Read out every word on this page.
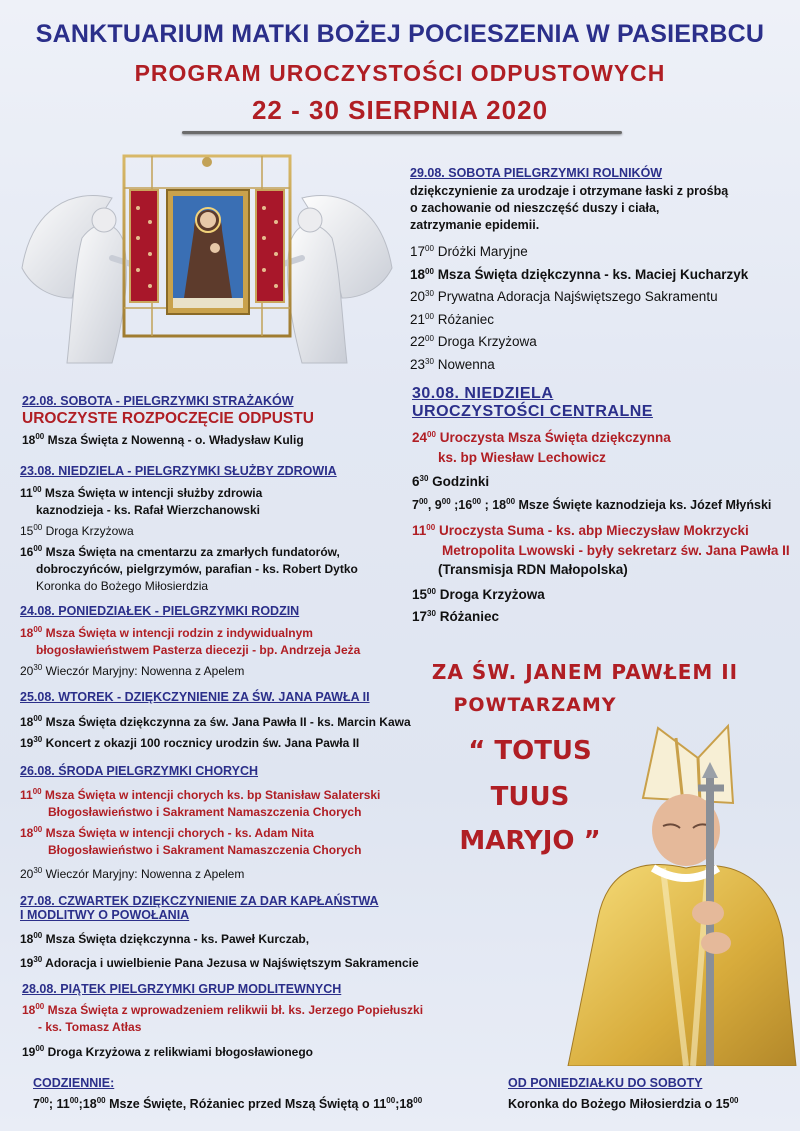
SANKTUARIUM MATKI BOŻEJ POCIESZENIA W PASIERBCU
PROGRAM UROCZYSTOŚCI ODPUSTOWYCH
22 - 30 SIERPNIA 2020
29.08. SOBOTA PIELGRZYMKI ROLNIKÓW
dziękczynienie za urodzaje i otrzymane łaski z prośbą
o zachowanie od nieszczęść duszy i ciała,
zatrzymanie epidemii.
$17^{00}$ Dróżki Maryjne
$18^{00}$ Msza Święta dziękczynna - ks. Maciej Kucharzyk
$20^{30}$ Prywatna Adoracja Najświętszego Sakramentu
$21^{00}$ Różaniec
$22^{00}$ Droga Krzyżowa
$23^{30}$ Nowenna
22.08. SOBOTA - PIELGRZYMKI STRAŻAKÓW
UROCZYSTE ROZPOCZĘCIE ODPUSTU
$18^{00}$ Msza Święta z Nowenną - o. Władysław Kulig
23.08. NIEDZIELA - PIELGRZYMKI SŁUŻBY ZDROWIA
$11^{00}$ Msza Święta w intencji służby zdrowia
kaznodzieja - ks. Rafał Wierzchanowski
$15^{00}$ Droga Krzyżowa
$16^{00}$ Msza Święta na cmentarzu za zmarłych fundatorów,
dobroczyńców, pielgrzymów, parafian - ks. Robert Dytko
Koronka do Bożego Miłosierdzia
24.08. PONIEDZIAŁEK - PIELGRZYMKI RODZIN
$18^{00}$ Msza Święta w intencji rodzin z indywidualnym
błogosławieństwem Pasterza diecezji - bp. Andrzeja Jeża
$20^{30}$ Wieczór Maryjny: Nowenna z Apelem
25.08. WTOREK - DZIĘKCZYNIENIE ZA ŚW. JANA PAWŁA II
$18^{00}$ Msza Święta dziękczynna za św. Jana Pawła II - ks. Marcin Kawa
$19^{30}$ Koncert z okazji 100 rocznicy urodzin św. Jana Pawła II
26.08. ŚRODA PIELGRZYMKI CHORYCH
$11^{00}$ Msza Święta w intencji chorych ks. bp Stanisław Salaterski
Błogosławieństwo i Sakrament Namaszczenia Chorych
$18^{00}$ Msza Święta w intencji chorych - ks. Adam Nita
Błogosławieństwo i Sakrament Namaszczenia Chorych
$20^{30}$ Wieczór Maryjny: Nowenna z Apelem
27.08. CZWARTEK DZIĘKCZYNIENIE ZA DAR KAPŁAŃSTWA
I MODLITWY O POWOŁANIA
$18^{00}$ Msza Święta dziękczynna - ks. Paweł Kurczab,
$19^{30}$ Adoracja i uwielbienie Pana Jezusa w Najświętszym Sakramencie
28.08. PIĄTEK PIELGRZYMKI GRUP MODLITEWNYCH
$18^{00}$ Msza Święta z wprowadzeniem relikwii bł. ks. Jerzego Popiełuszki
- ks. Tomasz Atłas
$19^{00}$ Droga Krzyżowa z relikwiami błogosławionego
30.08. NIEDZIELA
UROCZYSTOŚCI CENTRALNE
$24^{00}$ Uroczysta Msza Święta dziękczynna
ks. bp Wiesław Lechowicz
$6^{30}$ Godzinki
$7^{00}$, $9^{00}$ $;16^{00}$ ; $18^{00}$ Msze Święte kaznodzieja ks. Józef Młyński
$11^{00}$ Uroczysta Suma - ks. abp Mieczysław Mokrzycki
Metropolita Lwowski - były sekretarz św. Jana Pawła II
(Transmisja RDN Małopolska)
$15^{00}$ Droga Krzyżowa
$17^{30}$ Różaniec
ZA ŚW. JANEM PAWŁEM II
POWTARZAMY
“ TOTUS
TUUS
MARYJO ”
CODZIENNIE:
$7^{00}$; $11^{00};18^{00}$ Msze Święte, Różaniec przed Mszą Świętą o $11^{00};18^{00}$
OD PONIEDZIAŁKU DO SOBOTY
Koronka do Bożego Miłosierdzia o $15^{00}$
